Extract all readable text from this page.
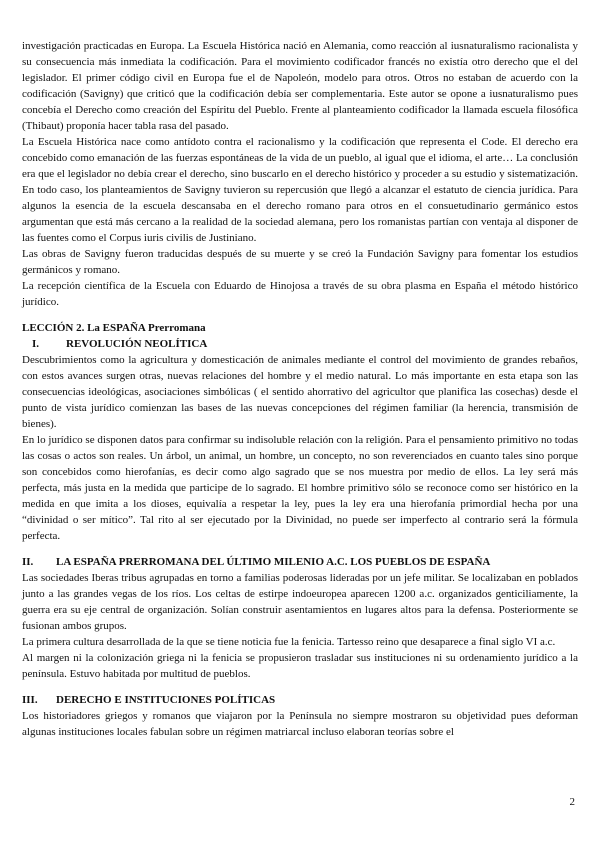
investigación practicadas en Europa. La Escuela Histórica nació en Alemania, como reacción al iusnaturalismo racionalista y su consecuencia más inmediata la codificación. Para el movimiento codificador francés no existía otro derecho que el del legislador. El primer código civil en Europa fue el de Napoleón, modelo para otros. Otros no estaban de acuerdo con la codificación (Savigny) que criticó que la codificación debía ser complementaria. Este autor se opone a iusnaturalismo pues concebía el Derecho como creación del Espíritu del Pueblo. Frente al planteamiento codificador la llamada escuela filosófica (Thibaut) proponía hacer tabla rasa del pasado.

La Escuela Histórica nace como antídoto contra el racionalismo y la codificación que representa el Code. El derecho era concebido como emanación de las fuerzas espontáneas de la vida de un pueblo, al igual que el idioma, el arte… La conclusión era que el legislador no debía crear el derecho, sino buscarlo en el derecho histórico y proceder a su estudio y sistematización. En todo caso, los planteamientos de Savigny tuvieron su repercusión que llegó a alcanzar el estatuto de ciencia jurídica. Para algunos la esencia de la escuela descansaba en el derecho romano para otros en el consuetudinario germánico estos argumentan que está más cercano a la realidad de la sociedad alemana, pero los romanistas partían con ventaja al disponer de las fuentes como el Corpus iuris civilis de Justiniano.

Las obras de Savigny fueron traducidas después de su muerte y se creó la Fundación Savigny para fomentar los estudios germánicos y romano.

La recepción científica de la Escuela con Eduardo de Hinojosa a través de su obra plasma en España el método histórico jurídico.

LECCIÓN 2. La ESPAÑA Prerromana

I.	REVOLUCIÓN NEOLÍTICA

Descubrimientos como la agricultura y domesticación de animales mediante el control del movimiento de grandes rebaños, con estos avances surgen otras, nuevas relaciones del hombre y el medio natural. Lo más importante en esta etapa son las consecuencias ideológicas, asociaciones simbólicas ( el sentido ahorrativo del agricultor que planifica las cosechas) desde el punto de vista jurídico comienzan las bases de las nuevas concepciones del régimen familiar (la herencia, transmisión de bienes).

En lo jurídico se disponen datos para confirmar su indisoluble relación con la religión. Para el pensamiento primitivo no todas las cosas o actos son reales. Un árbol, un animal, un hombre, un concepto, no son reverenciados en cuanto tales sino porque son concebidos como hierofanías, es decir como algo sagrado que se nos muestra por medio de ellos. La ley será más perfecta, más justa en la medida que participe de lo sagrado. El hombre primitivo sólo se reconoce como ser histórico en la medida en que imita a los dioses, equivalía a respetar la ley, pues la ley era una hierofanía primordial hecha por una “divinidad o ser mítico”. Tal rito al ser ejecutado por la Divinidad, no puede ser imperfecto al contrario será la fórmula perfecta.

II.	LA ESPAÑA PRERROMANA DEL ÚLTIMO MILENIO A.C. LOS PUEBLOS DE ESPAÑA

Las sociedades Iberas tribus agrupadas en torno a familias poderosas lideradas por un jefe militar. Se localizaban en poblados junto a las grandes vegas de los ríos. Los celtas de estirpe indoeuropea aparecen 1200 a.c. organizados genticiliamente, la guerra era su eje central de organización. Solían construir asentamientos en lugares altos para la defensa. Posteriormente se fusionan ambos grupos.

La primera cultura desarrollada de la que se tiene noticia fue la fenicia. Tartesso reino que desaparece a final siglo VI a.c.

Al margen ni la colonización griega ni la fenicia se propusieron trasladar sus instituciones ni su ordenamiento jurídico a la península. Estuvo habitada por multitud de pueblos.

III.	DERECHO E INSTITUCIONES POLÍTICAS

Los historiadores griegos y romanos que viajaron por la Península no siempre mostraron su objetividad pues deforman algunas instituciones locales fabulan sobre un régimen matriarcal incluso elaboran teorías sobre el

2
